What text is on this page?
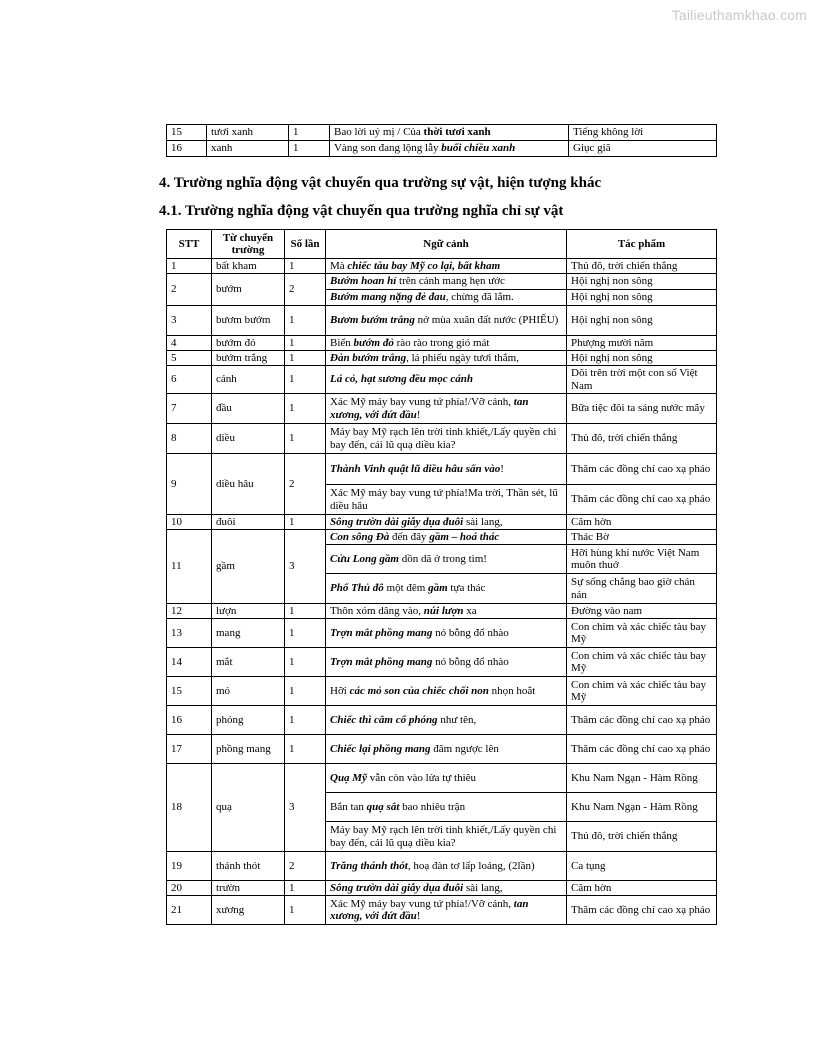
Tailieuthamkhao.com
15	tươi xanh	1	Bao lời uỷ mị / Của thời tươi xanh	Tiếng không lời
16	xanh	1	Vàng son đang lộng lẫy buổi chiều xanh	Giục giã
4. Trường nghĩa động vật chuyển qua trường sự vật, hiện tượng khác
4.1. Trường nghĩa động vật chuyển qua trường nghĩa chỉ sự vật
STT	Từ chuyển trường	Số lần	Ngữ cảnh	Tác phẩm
1	bất kham	1	Mà chiếc tàu bay Mỹ co lại, bất kham	Thủ đô, trời chiến thắng
2	bướm	2	Bướm hoan hỉ trên cánh mang hẹn ước	Hội nghị non sông
			Bướm mang nặng đẻ đau, chừng đã lắm.	Hội nghị non sông
3	bươm bướm	1	Bươm bướm trắng nở mùa xuân đất nước (PHIẾU)	Hội nghị non sông
4	bướm đỏ	1	Biển bướm đỏ rào rào trong gió mát	Phượng mười năm
5	bướm trắng	1	Đàn bướm trắng, lá phiếu ngày tươi thắm,	Hội nghị non sông
6	cánh	1	Lá cỏ, hạt sương đều mọc cánh	Dõi trên trời một con số Việt Nam
7	đầu	1	Xác Mỹ máy bay vung tứ phía!/Vỡ cánh, tan xương, với đứt đầu!	Bữa tiệc đôi ta sáng nước mây
8	diều	1	Máy bay Mỹ rạch lên trời tinh khiết,/Lấy quyền chi bay đến, cái lũ quạ diều kia?	Thủ đô, trời chiến thắng
9	diều hâu	2	Thành Vinh quật lũ diều hâu sấn vào!	Thăm các đồng chí cao xạ pháo
			Xác Mỹ máy bay vung tứ phía!Ma trời, Thần sét, lũ diều hâu	Thăm các đồng chí cao xạ pháo
10	đuôi	1	Sông trườn dài giẫy dụa đuôi sài lang,	Căm hờn
11	gầm	3	Con sông Đà đến đây gầm – hoá thác	Thác Bờ
			Cửu Long gầm dồn dã ở trong tim!	Hỡi hùng khí nước Việt Nam muôn thuở
			Phố Thủ đô một đêm gầm tựa thác	Sự sống chẳng bao giờ chán nản
12	lượn	1	Thôn xóm dâng vào, núi lượn xa	Đường vào nam
13	mang	1	Trợn mắt phồng mang nó bỗng đổ nhào	Con chim và xác chiếc tàu bay Mỹ
14	mắt	1	Trợn mắt phồng mang nó bỗng đổ nhào	Con chim và xác chiếc tàu bay Mỹ
15	mỏ	1	Hỡi các mỏ son của chiếc chổi non nhọn hoắt	Con chim và xác chiếc tàu bay Mỹ
16	phóng	1	Chiếc thì cắm cổ phóng như tên,	Thăm các đồng chí cao xạ pháo
17	phồng mang	1	Chiếc lại phồng mang đâm ngược lên	Thăm các đồng chí cao xạ pháo
18	quạ	3	Quạ Mỹ vẫn còn vào lửa tự thiêu	Khu Nam Ngạn - Hàm Rồng
			Bắn tan quạ sắt bao nhiêu trận	Khu Nam Ngạn - Hàm Rồng
			Máy bay Mỹ rạch lên trời tinh khiết,/Lấy quyền chi bay đến, cái lũ quạ diều kia?	Thủ đô, trời chiến thắng
19	thánh thót	2	Trăng thánh thót, hoạ đàn tơ lấp loáng, (2lần)	Ca tụng
20	trườn	1	Sông trườn dài giẫy dụa đuôi sài lang,	Căm hờn
21	xương	1	Xác Mỹ máy bay vung tứ phía!/Vỡ cánh, tan xương, với đứt đầu!	Thăm các đồng chí cao xạ pháo
